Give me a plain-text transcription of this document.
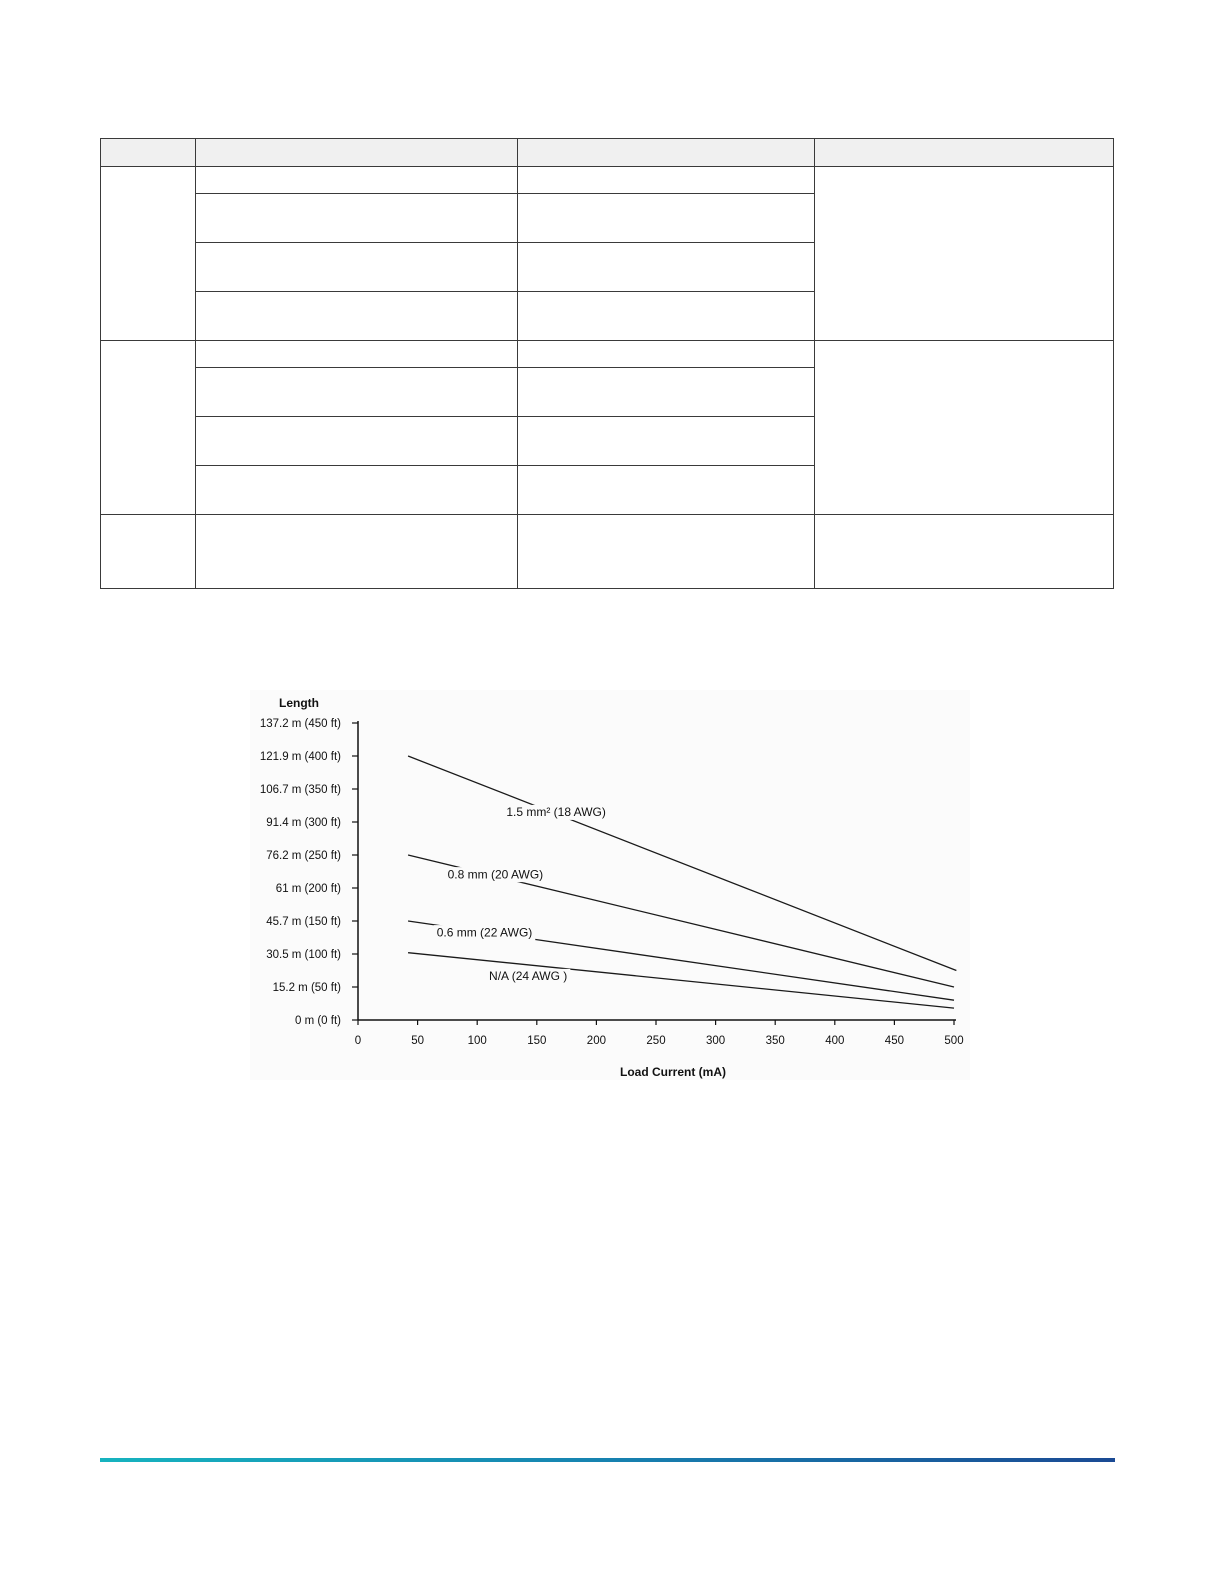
0 m (0 ft)
15.2 m (50 ft)
30.5 m (100 ft)
45.7 m (150 ft)
61 m (200 ft)
76.2 m (250 ft)
91.4 m (300 ft)
106.7 m (350 ft)
121.9 m (400 ft)
137.2 m (450 ft)
0	50	100	150	200	250	300	350	400	450	500
Length
Load Current (mA)
1.5 mm² (18 AWG)
0.8 mm (20 AWG)
0.6 mm (22 AWG)
N/A (24 AWG )
